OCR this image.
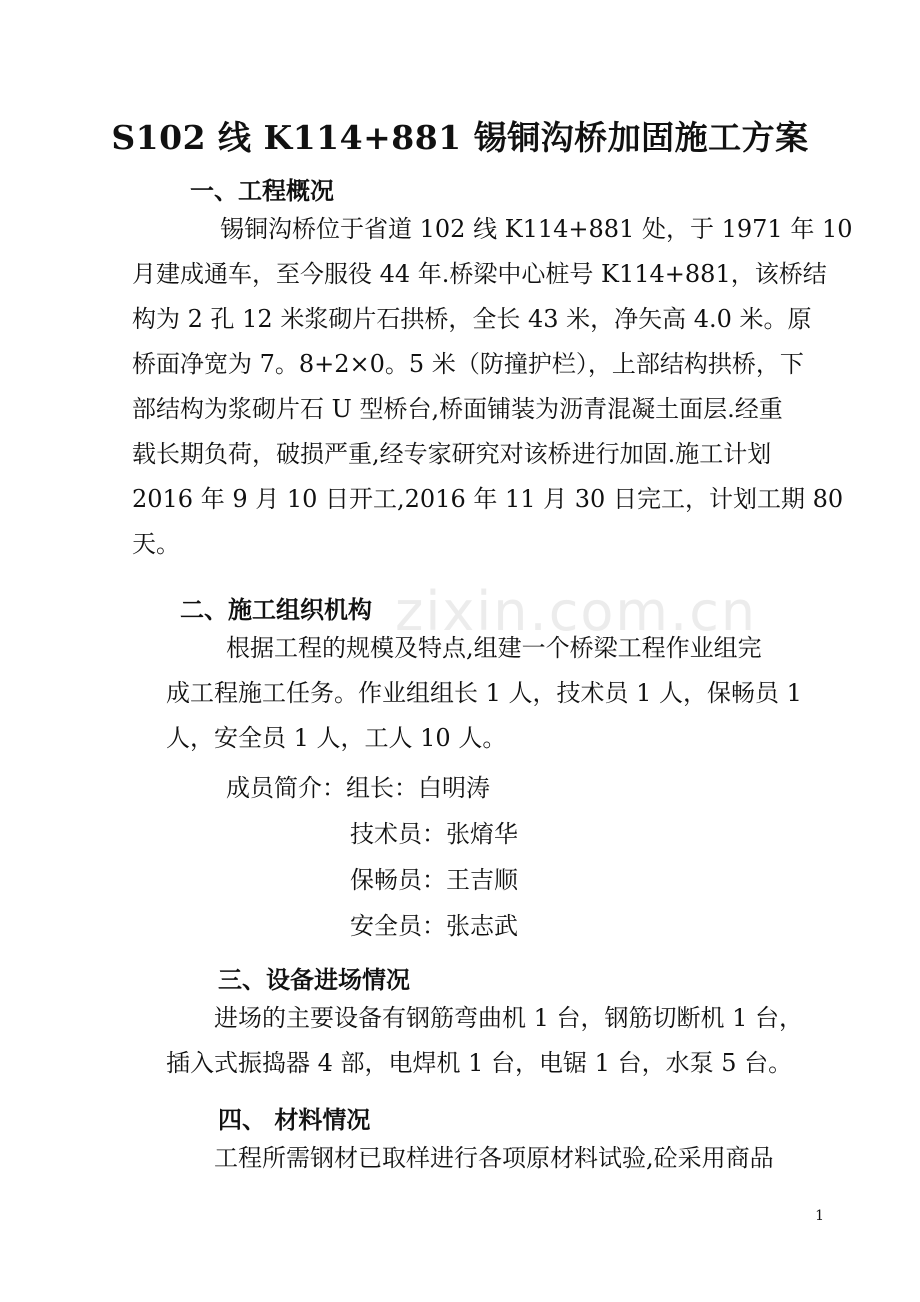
S102 线 K114+881 锡铜沟桥加固施工方案
一、工程概况
锡铜沟桥位于省道 102 线 K114+881 处，于 1971 年 10
月建成通车，至今服役 44 年.桥梁中心桩号 K114+881，该桥结
构为 2 孔 12 米浆砌片石拱桥，全长 43 米，净矢高 4.0 米。原
桥面净宽为 7。8+2×0。5 米（防撞护栏），上部结构拱桥，下
部结构为浆砌片石 U 型桥台,桥面铺装为沥青混凝土面层.经重
载长期负荷，破损严重,经专家研究对该桥进行加固.施工计划
2016 年 9 月 10 日开工,2016 年 11 月 30 日完工，计划工期 80
天。
二、施工组织机构
根据工程的规模及特点,组建一个桥梁工程作业组完
成工程施工任务。作业组组长 1 人，技术员 1 人，保畅员 1
人，安全员 1 人，工人 10 人。
成员简介：组长：白明涛
技术员：张焴华
保畅员：王吉顺
安全员：张志武
三、设备进场情况
进场的主要设备有钢筋弯曲机 1 台，钢筋切断机 1 台，
插入式振捣器 4 部，电焊机 1 台，电锯 1 台，水泵 5 台。
四、 材料情况
工程所需钢材已取样进行各项原材料试验,砼采用商品
zixin.com.cn
1
